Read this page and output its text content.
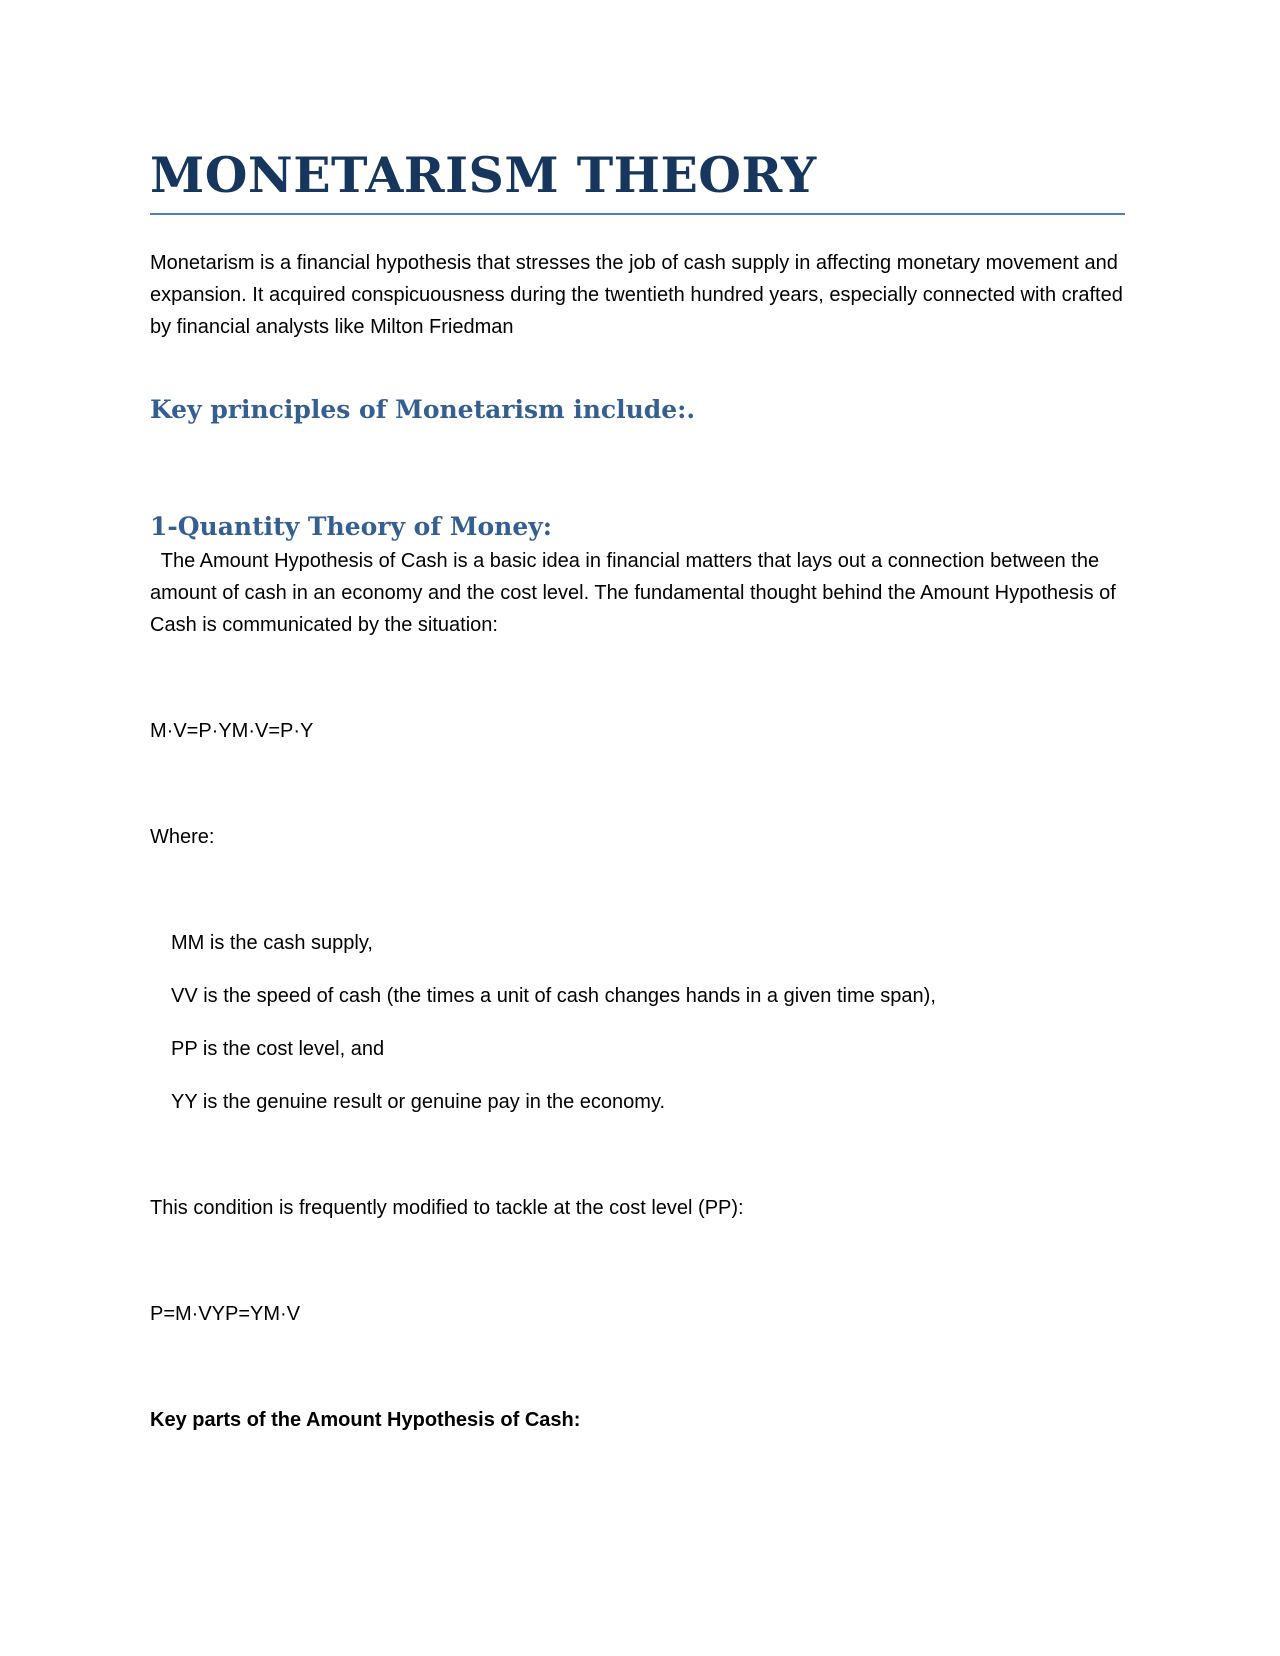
MONETARISM THEORY

Monetarism is a financial hypothesis that stresses the job of cash supply in affecting monetary movement and expansion. It acquired conspicuousness during the twentieth hundred years, especially connected with crafted by financial analysts like Milton Friedman

Key principles of Monetarism include:.
1-Quantity Theory of Money:

The Amount Hypothesis of Cash is a basic idea in financial matters that lays out a connection between the amount of cash in an economy and the cost level. The fundamental thought behind the Amount Hypothesis of Cash is communicated by the situation:

M·V=P·YM·V=P·Y

Where:

MM is the cash supply,

VV is the speed of cash (the times a unit of cash changes hands in a given time span),

PP is the cost level, and

YY is the genuine result or genuine pay in the economy.

This condition is frequently modified to tackle at the cost level (PP):

P=M·VYP=YM·V

Key parts of the Amount Hypothesis of Cash:
